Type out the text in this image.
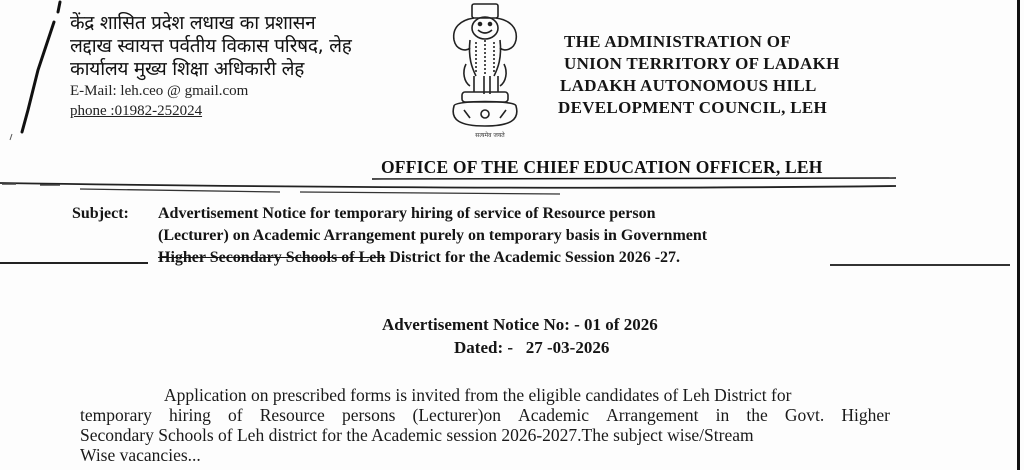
केंद्र शासित प्रदेश लधाख का प्रशासन
लद्दाख स्वायत्त पर्वतीय विकास परिषद, लेह
कार्यालय मुख्य शिक्षा अधिकारी लेह
E-Mail: leh.ceo @ gmail.com
phone :01982-252024
सत्यमेव जयते
THE ADMINISTRATION OF
UNION TERRITORY OF LADAKH
LADAKH AUTONOMOUS HILL
DEVELOPMENT COUNCIL, LEH
OFFICE OF THE CHIEF EDUCATION OFFICER, LEH
Subject: Advertisement Notice for temporary hiring of service of Resource person
(Lecturer) on Academic Arrangement purely on temporary basis in Government
Higher Secondary Schools of Leh District for the Academic Session 2026 -27.
Advertisement Notice No: - 01 of 2026
Dated: -   27 -03-2026
Application on prescribed forms is invited from the eligible candidates of Leh District for
temporary hiring of Resource persons (Lecturer)on Academic Arrangement in the Govt. Higher
Secondary Schools of Leh district for the Academic session 2026-2027.The subject wise/Stream
Wise vacancies...
